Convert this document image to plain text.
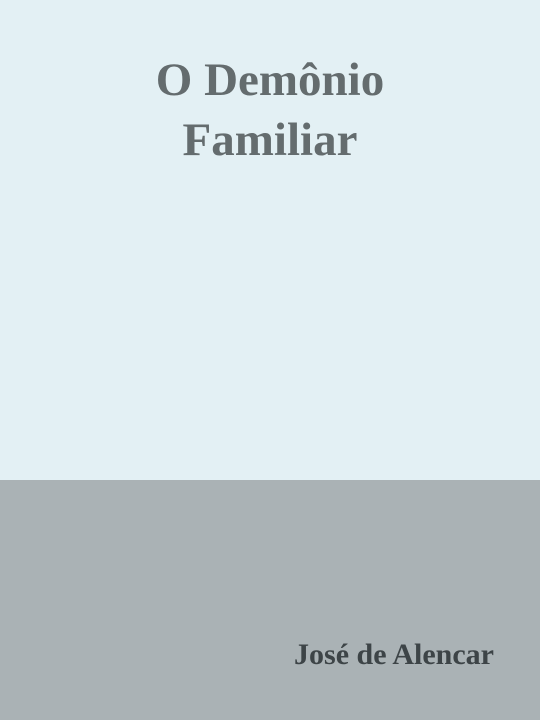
O Demônio
Familiar

José de Alencar
